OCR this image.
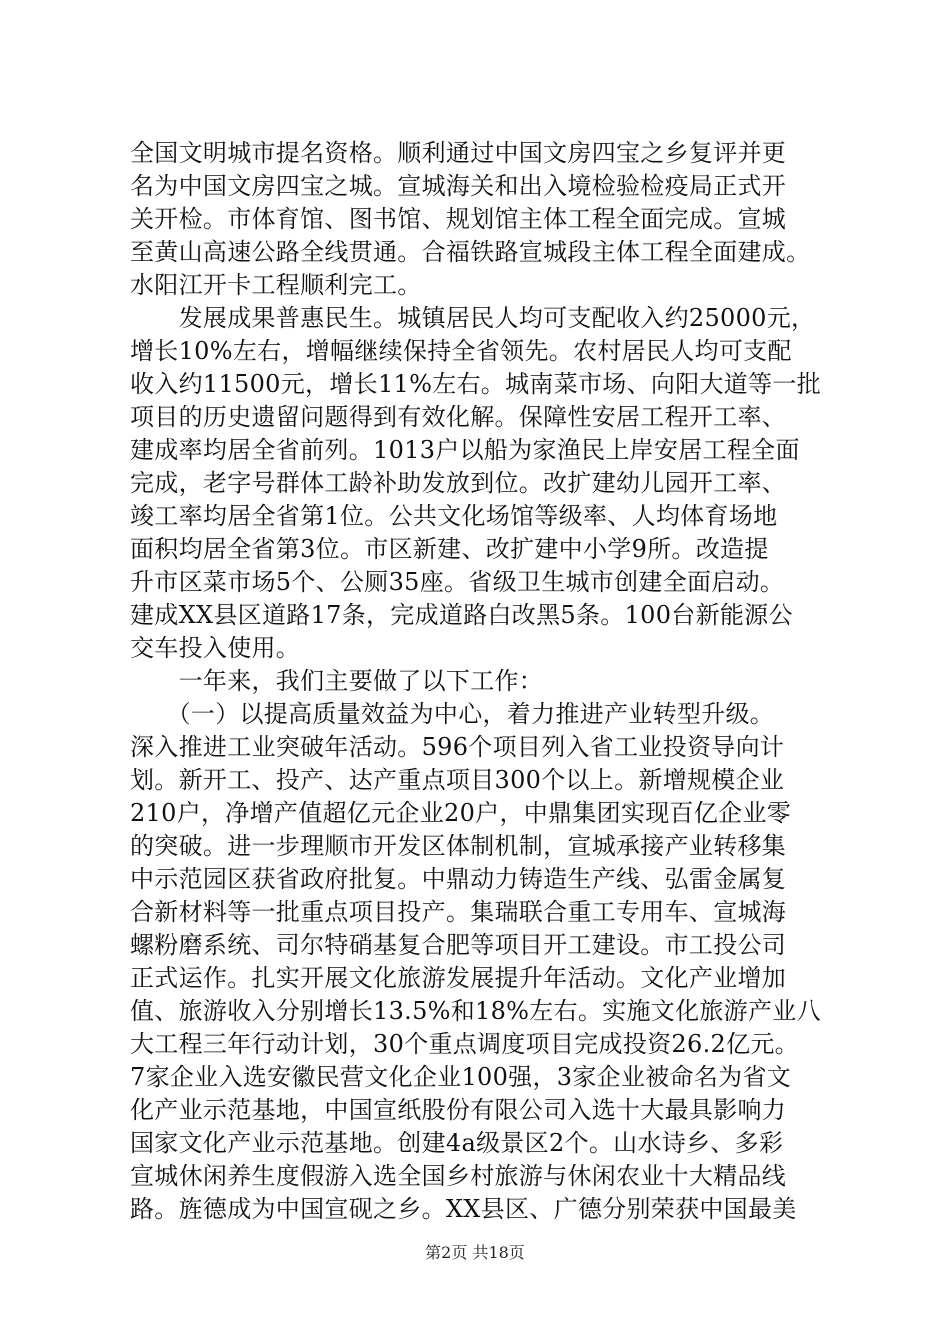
全国文明城市提名资格。顺利通过中国文房四宝之乡复评并更
名为中国文房四宝之城。宣城海关和出入境检验检疫局正式开
关开检。市体育馆、图书馆、规划馆主体工程全面完成。宣城
至黄山高速公路全线贯通。合福铁路宣城段主体工程全面建成。
水阳江开卡工程顺利完工。
　　发展成果普惠民生。城镇居民人均可支配收入约25000元，
增长10%左右，增幅继续保持全省领先。农村居民人均可支配
收入约11500元，增长11%左右。城南菜市场、向阳大道等一批
项目的历史遗留问题得到有效化解。保障性安居工程开工率、
建成率均居全省前列。1013户以船为家渔民上岸安居工程全面
完成，老字号群体工龄补助发放到位。改扩建幼儿园开工率、
竣工率均居全省第1位。公共文化场馆等级率、人均体育场地
面积均居全省第3位。市区新建、改扩建中小学9所。改造提
升市区菜市场5个、公厕35座。省级卫生城市创建全面启动。
建成XX县区道路17条，完成道路白改黑5条。100台新能源公
交车投入使用。
　　一年来，我们主要做了以下工作：
　　（一）以提高质量效益为中心，着力推进产业转型升级。
深入推进工业突破年活动。596个项目列入省工业投资导向计
划。新开工、投产、达产重点项目300个以上。新增规模企业
210户，净增产值超亿元企业20户，中鼎集团实现百亿企业零
的突破。进一步理顺市开发区体制机制，宣城承接产业转移集
中示范园区获省政府批复。中鼎动力铸造生产线、弘雷金属复
合新材料等一批重点项目投产。集瑞联合重工专用车、宣城海
螺粉磨系统、司尔特硝基复合肥等项目开工建设。市工投公司
正式运作。扎实开展文化旅游发展提升年活动。文化产业增加
值、旅游收入分别增长13.5%和18%左右。实施文化旅游产业八
大工程三年行动计划，30个重点调度项目完成投资26.2亿元。
7家企业入选安徽民营文化企业100强，3家企业被命名为省文
化产业示范基地，中国宣纸股份有限公司入选十大最具影响力
国家文化产业示范基地。创建4a级景区2个。山水诗乡、多彩
宣城休闲养生度假游入选全国乡村旅游与休闲农业十大精品线
路。旌德成为中国宣砚之乡。XX县区、广德分别荣获中国最美
第2页 共18页
